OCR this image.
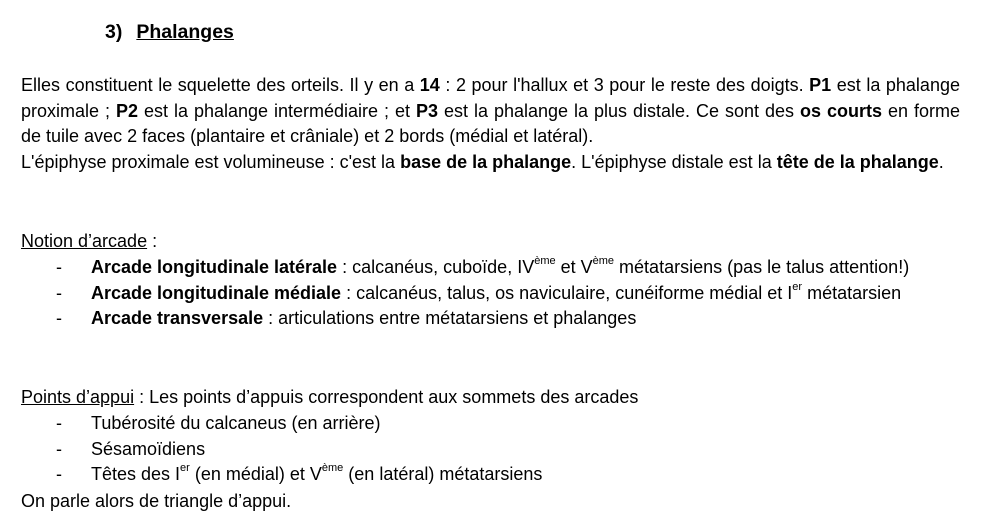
3) Phalanges

Elles constituent le squelette des orteils. Il y en a 14 : 2 pour l'hallux et 3 pour le reste des doigts. P1 est la phalange proximale ; P2 est la phalange intermédiaire ; et P3 est la phalange la plus distale. Ce sont des os courts en forme de tuile avec 2 faces (plantaire et crâniale) et 2 bords (médial et latéral).

L'épiphyse proximale est volumineuse : c'est la base de la phalange. L'épiphyse distale est la tête de la phalange.

Notion d’arcade :

- Arcade longitudinale latérale : calcanéus, cuboïde, IVème et Vème métatarsiens (pas le talus attention!)
- Arcade longitudinale médiale : calcanéus, talus, os naviculaire, cunéiforme médial et Ier métatarsien
- Arcade transversale : articulations entre métatarsiens et phalanges

Points d’appui : Les points d’appuis correspondent aux sommets des arcades

- Tubérosité du calcaneus (en arrière)
- Sésamoïdiens
- Têtes des Ier (en médial) et Vème (en latéral) métatarsiens

On parle alors de triangle d’appui.
